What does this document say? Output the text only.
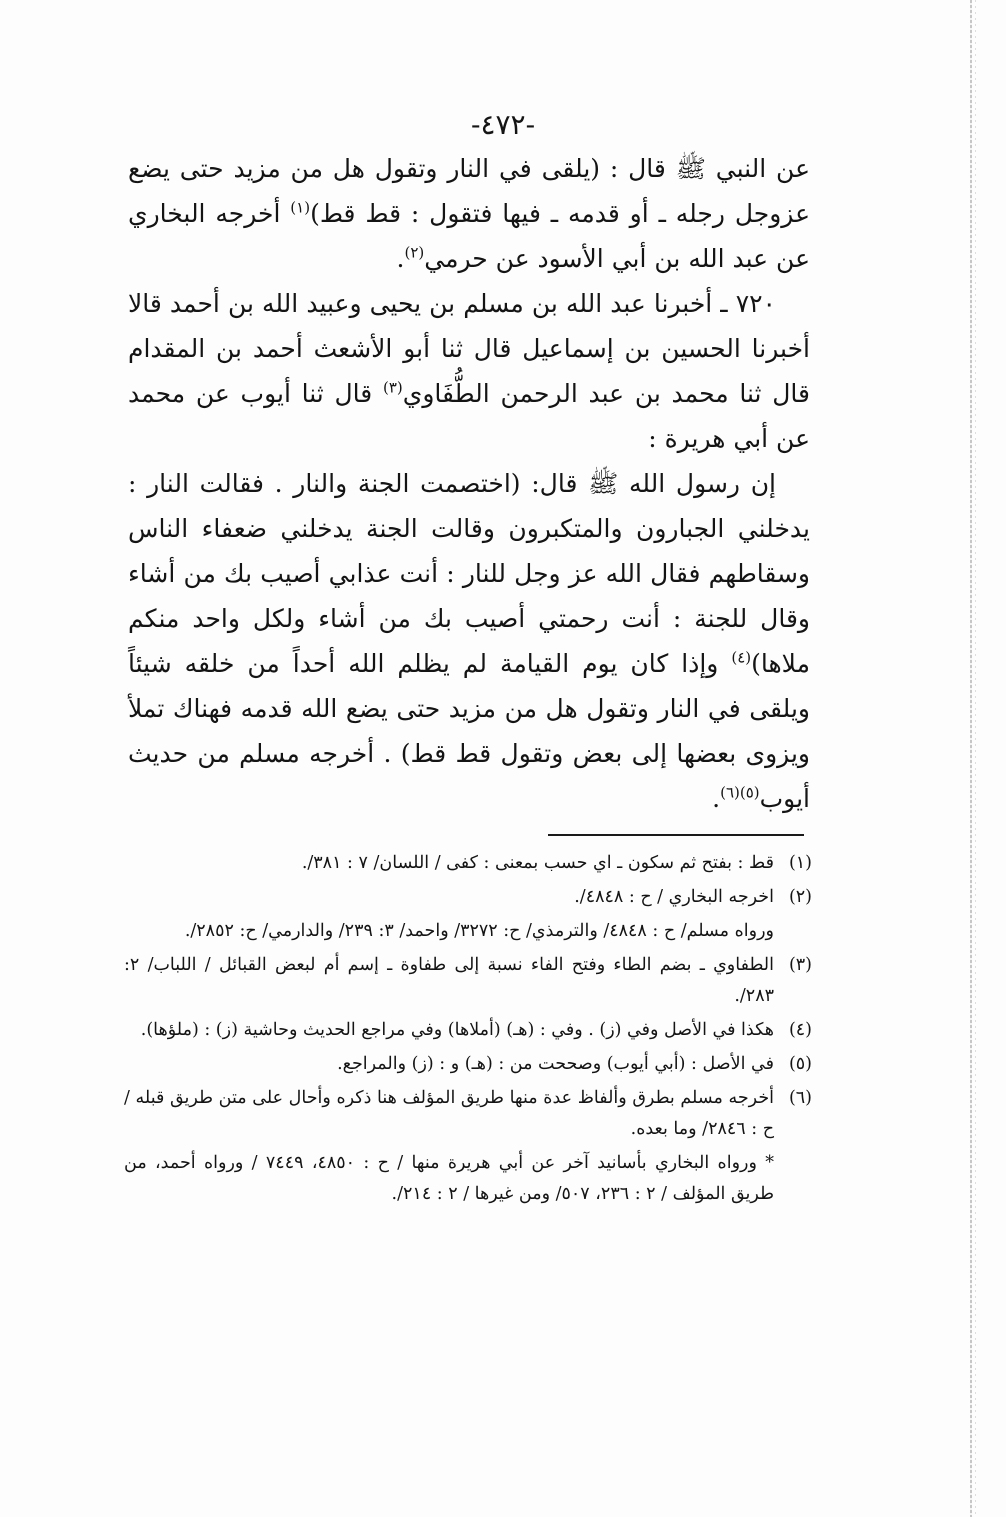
-٤٧٢-

عن النبي ﷺ قال : (يلقى في النار وتقول هل من مزيد حتى يضع عزوجل رجله ـ أو قدمه ـ فيها فتقول : قط قط)$^{(١)}$ أخرجه البخاري عن عبد الله بن أبي الأسود عن حرمي$^{(٢)}$.

٧٢٠ ـ أخبرنا عبد الله بن مسلم بن يحيى وعبيد الله بن أحمد قالا أخبرنا الحسين بن إسماعيل قال ثنا أبو الأشعث أحمد بن المقدام قال ثنا محمد بن عبد الرحمن الطُّفَاوي$^{(٣)}$ قال ثنا أيوب عن محمد عن أبي هريرة :

إن رسول الله ﷺ قال: (اختصمت الجنة والنار . فقالت النار : يدخلني الجبارون والمتكبرون وقالت الجنة يدخلني ضعفاء الناس وسقاطهم فقال الله عز وجل للنار : أنت عذابي أصيب بك من أشاء وقال للجنة : أنت رحمتي أصيب بك من أشاء ولكل واحد منكم ملاها)$^{(٤)}$ وإذا كان يوم القيامة لم يظلم الله أحداً من خلقه شيئاً ويلقى في النار وتقول هل من مزيد حتى يضع الله قدمه فهناك تملأ ويزوى بعضها إلى بعض وتقول قط قط) . أخرجه مسلم من حديث أيوب$^{(٥)(٦)}$.

(١)
قط : بفتح ثم سكون ـ اي حسب بمعنى : كفى / اللسان/ ٧ : ٣٨١/.
(٢)
اخرجه البخاري / ح : ٤٨٤٨/.
ورواه مسلم/ ح : ٤٨٤٨/ والترمذي/ ح: ٣٢٧٢/ واحمد/ ٣: ٢٣٩/ والدارمي/ ح: ٢٨٥٢/.
(٣)
الطفاوي ـ بضم الطاء وفتح الفاء نسبة إلى طفاوة ـ إسم أم لبعض القبائل / اللباب/ ٢: ٢٨٣/.
(٤)
هكذا في الأصل وفي (ز) . وفي : (هـ) (أملاها) وفي مراجع الحديث وحاشية (ز) : (ملؤها).
(٥)
في الأصل : (أبي أيوب) وصححت من : (هـ) و : (ز) والمراجع.
(٦)
أخرجه مسلم بطرق وألفاظ عدة منها طريق المؤلف هنا ذكره وأحال على متن طريق قبله / ح : ٢٨٤٦/ وما بعده.
* ورواه البخاري بأسانيد آخر عن أبي هريرة منها / ح : ٤٨٥٠، ٧٤٤٩ / ورواه أحمد، من طريق المؤلف / ٢ : ٢٣٦، ٥٠٧/ ومن غيرها / ٢ : ٢١٤/.
